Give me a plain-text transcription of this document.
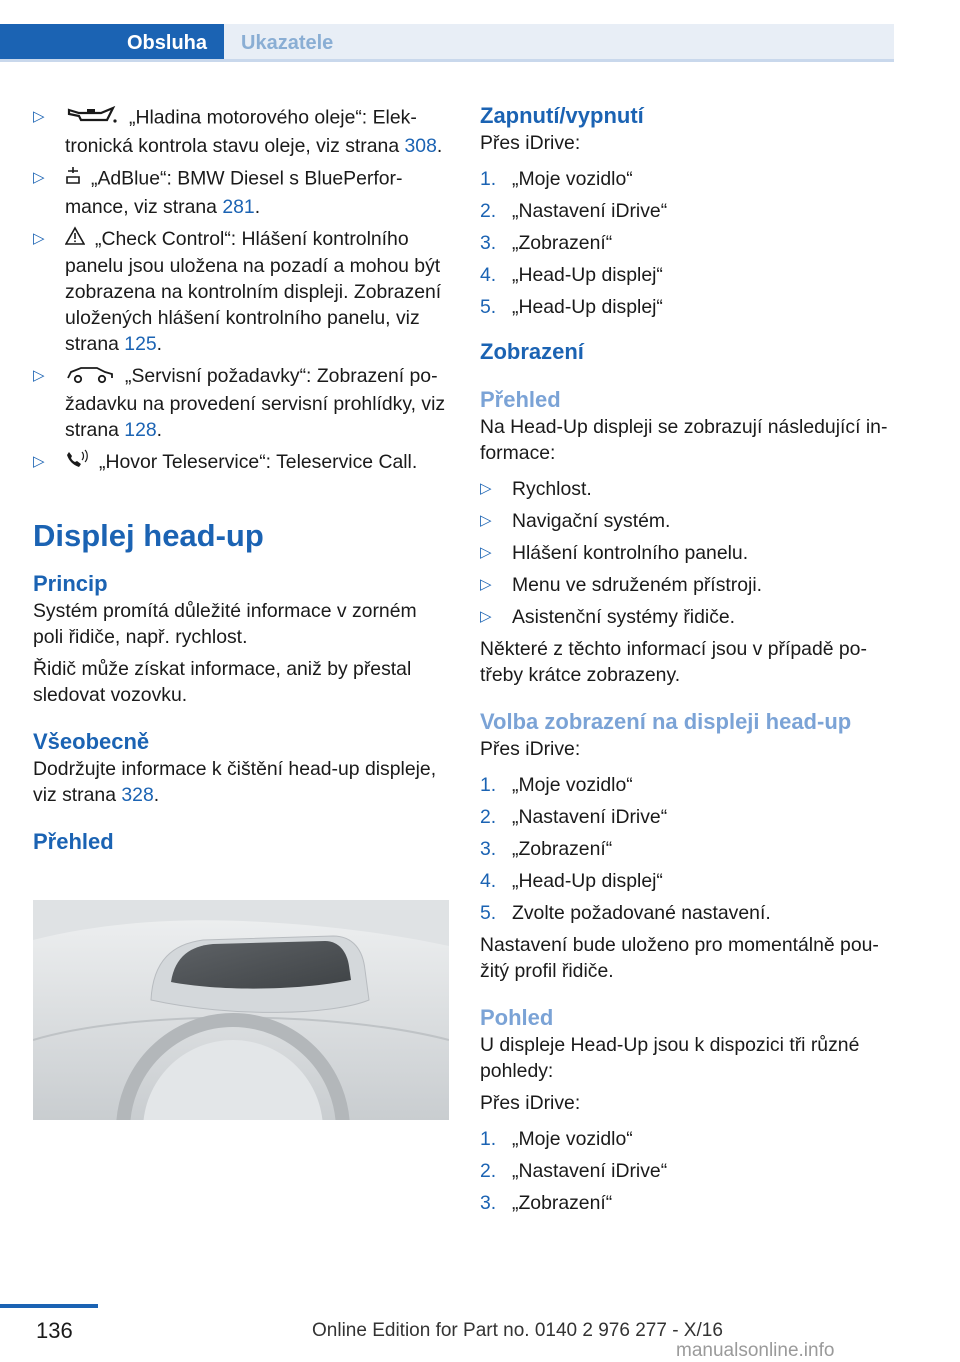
Obsluha	Ukazatele
▷	„Hladina motorového oleje“: Elektronická kontrola stavu oleje, viz strana 308.
▷ „AdBlue“: BMW Diesel s BluePerformance, viz strana 281.
▷	„Check Control“: Hlášení kontrolního panelu jsou uložena na pozadí a mohou být zobrazena na kontrolním displeji. Zobrazení uložených hlášení kontrolního panelu, viz strana 125.
▷	„Servisní požadavky“: Zobrazení požadavku na provedení servisní prohlídky, viz strana 128.
▷	„Hovor Teleservice“: Teleservice Call.
Displej head-up
Princip

Systém promítá důležité informace v zorném poli řidiče, např. rychlost.

Řidič může získat informace, aniž by přestal sledovat vozovku.

Všeobecně

Dodržujte informace k čištění head-up displeje, viz strana 328.

Přehled
Zapnutí/vypnutí

Přes iDrive:

1. „Moje vozidlo“
2. „Nastavení iDrive“
3. „Zobrazení“
4. „Head-Up displej“
5. „Head-Up displej“
Zobrazení
Přehled

Na Head-Up displeji se zobrazují následující informace:

▷ Rychlost.
▷ Navigační systém.
▷ Hlášení kontrolního panelu.
▷ Menu ve sdruženém přístroji.
▷ Asistenční systémy řidiče.

Některé z těchto informací jsou v případě potřeby krátce zobrazeny.

Volba zobrazení na displeji head-up

Přes iDrive:

1. „Moje vozidlo“
2. „Nastavení iDrive“
3. „Zobrazení“
4. „Head-Up displej“
5. Zvolte požadované nastavení.

Nastavení bude uloženo pro momentálně použitý profil řidiče.

Pohled

U displeje Head-Up jsou k dispozici tři různé pohledy:

Přes iDrive:

1. „Moje vozidlo“
2. „Nastavení iDrive“
3. „Zobrazení“
136	Online Edition for Part no. 0140 2 976 277 - X/16
manualsonline.info
